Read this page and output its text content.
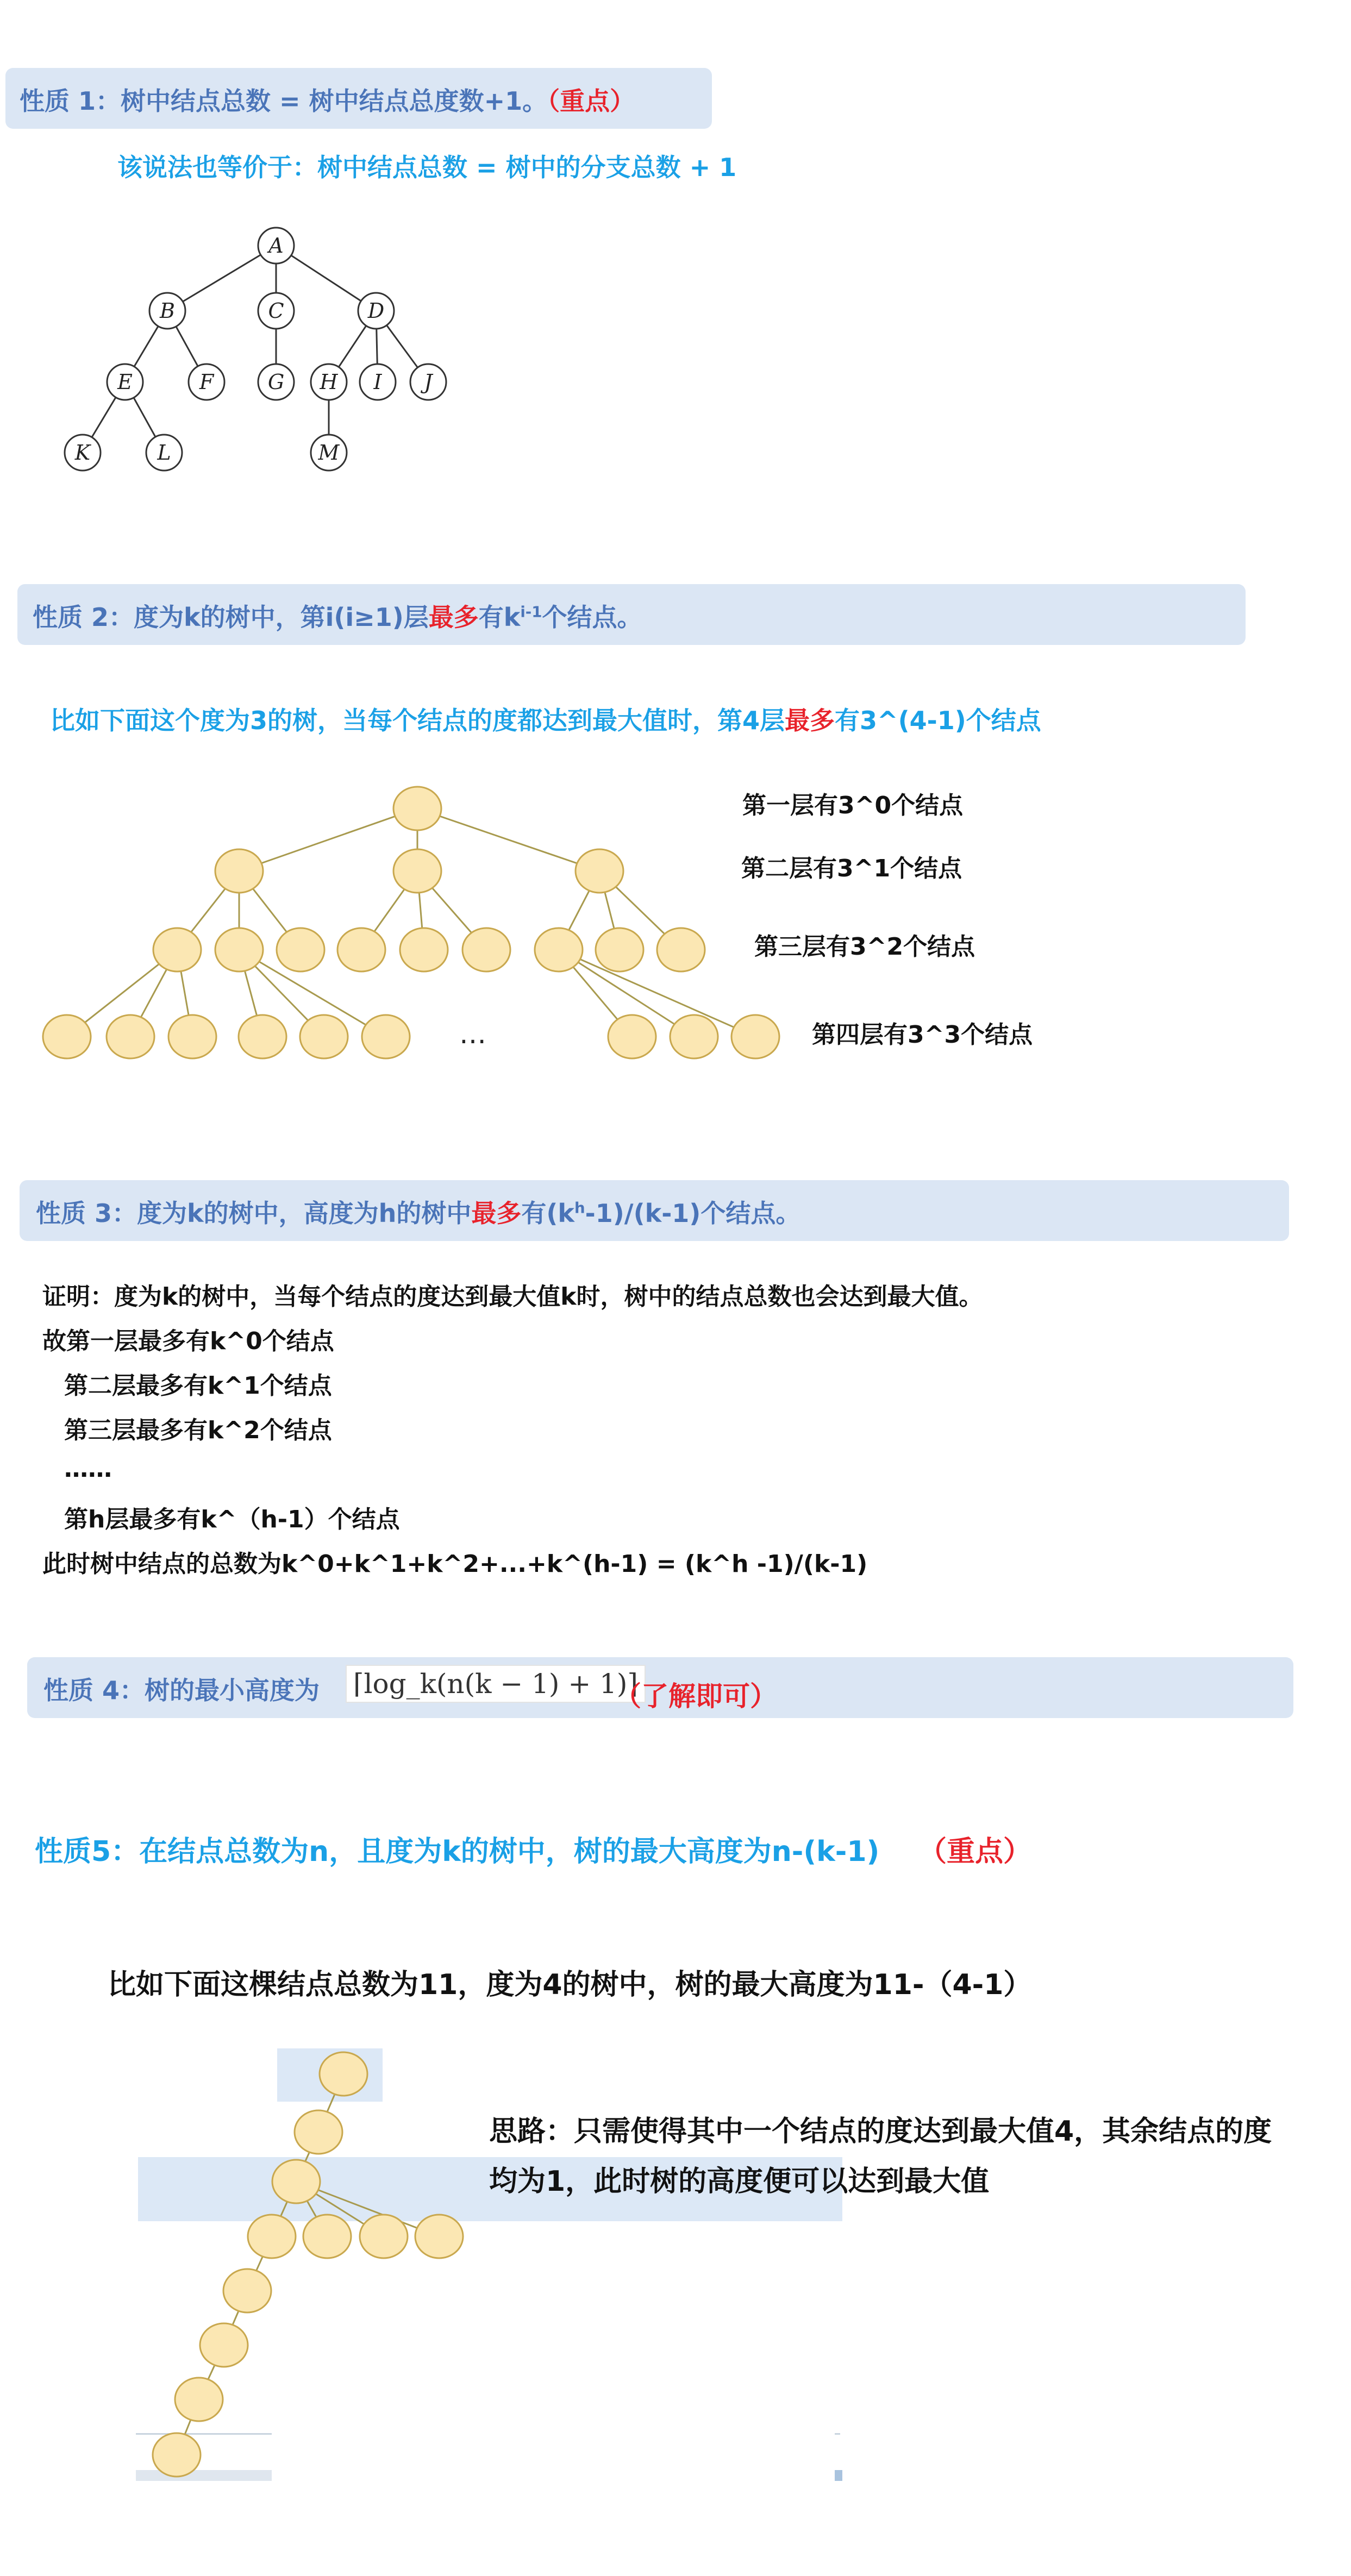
性质 1：树中结点总数 = 树中结点总度数+1。（重点）
该说法也等价于：树中结点总数 = 树中的分支总数 + 1
A
B	C	D
E	F	G H I J
K	L	M
性质 2：度为k的树中，第i(i≥1)层最多有$k^{i-1}$个结点。
比如下面这个度为3的树，当每个结点的度都达到最大值时，第4层最多有3^(4-1)个结点
…
第一层有3^0个结点
第二层有3^1个结点
第三层有3^2个结点
第四层有3^3个结点
性质 3：度为k的树中，高度为h的树中最多有$(k^h-1)/(k-1)$个结点。
证明：度为k的树中，当每个结点的度达到最大值k时，树中的结点总数也会达到最大值。
故第一层最多有k^0个结点
第二层最多有k^1个结点
第三层最多有k^2个结点
……
第h层最多有k^（h-1）个结点
此时树中结点的总数为k^0+k^1+k^2+...+k^(h-1) = (k^h -1)/(k-1)
性质 4：树的最小高度为 ⌈log_k(n(k − 1) + 1)⌉
（了解即可）
性质5：在结点总数为n，且度为k的树中，树的最大高度为n-(k-1) （重点）
比如下面这棵结点总数为11，度为4的树中，树的最大高度为11-（4-1）
思路：只需使得其中一个结点的度达到最大值4，其余结点的度
均为1，此时树的高度便可以达到最大值
